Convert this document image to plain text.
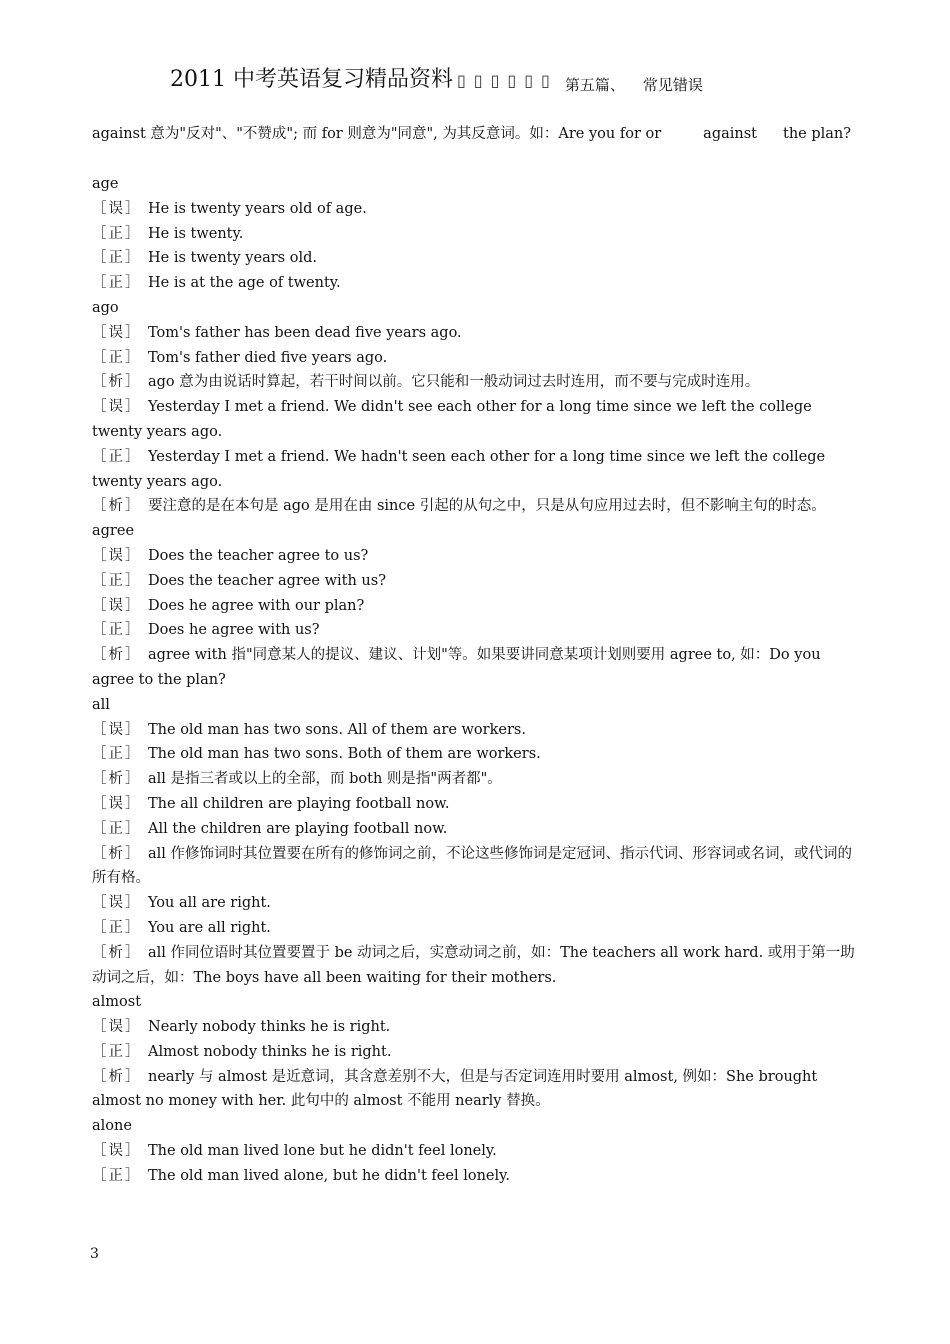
2011 中考英语复习精品资料 ▯▯▯▯▯▯ 第五篇、 常见错误
against 意为"反对"、"不赞成"; 而 for 则意为"同意", 为其反意词。如：Are you for or	against the plan?

age

［误］ He is twenty years old of age.

［正］ He is twenty.

［正］ He is twenty years old.

［正］ He is at the age of twenty.

ago

［误］ Tom's father has been dead five years ago.

［正］ Tom's father died five years ago.

［析］ ago 意为由说话时算起，若干时间以前。它只能和一般动词过去时连用，而不要与完成时连用。

［误］ Yesterday I met a friend. We didn't see each other for a long time since we left the college twenty years ago.

［正］ Yesterday I met a friend. We hadn't seen each other for a long time since we left the college twenty years ago.

［析］ 要注意的是在本句是 ago 是用在由 since 引起的从句之中，只是从句应用过去时，但不影响主句的时态。

agree

［误］ Does the teacher agree to us?

［正］ Does the teacher agree with us?

［误］ Does he agree with our plan?

［正］ Does he agree with us?

［析］ agree with 指"同意某人的提议、建议、计划"等。如果要讲同意某项计划则要用 agree to, 如：Do you agree to the plan?

all

［误］ The old man has two sons. All of them are workers.

［正］ The old man has two sons. Both of them are workers.

［析］ all 是指三者或以上的全部，而 both 则是指"两者都"。

［误］ The all children are playing football now.

［正］ All the children are playing football now.

［析］ all 作修饰词时其位置要在所有的修饰词之前，不论这些修饰词是定冠词、指示代词、形容词或名词，或代词的所有格。

［误］ You all are right.

［正］ You are all right.

［析］ all 作同位语时其位置要置于 be 动词之后，实意动词之前，如：The teachers all work hard. 或用于第一助动词之后，如：The boys have all been waiting for their mothers.

almost

［误］ Nearly nobody thinks he is right.

［正］ Almost nobody thinks he is right.

［析］ nearly 与 almost 是近意词，其含意差别不大，但是与否定词连用时要用 almost, 例如：She brought almost no money with her. 此句中的 almost 不能用 nearly 替换。

alone

［误］ The old man lived lone but he didn't feel lonely.

［正］ The old man lived alone, but he didn't feel lonely.

3
